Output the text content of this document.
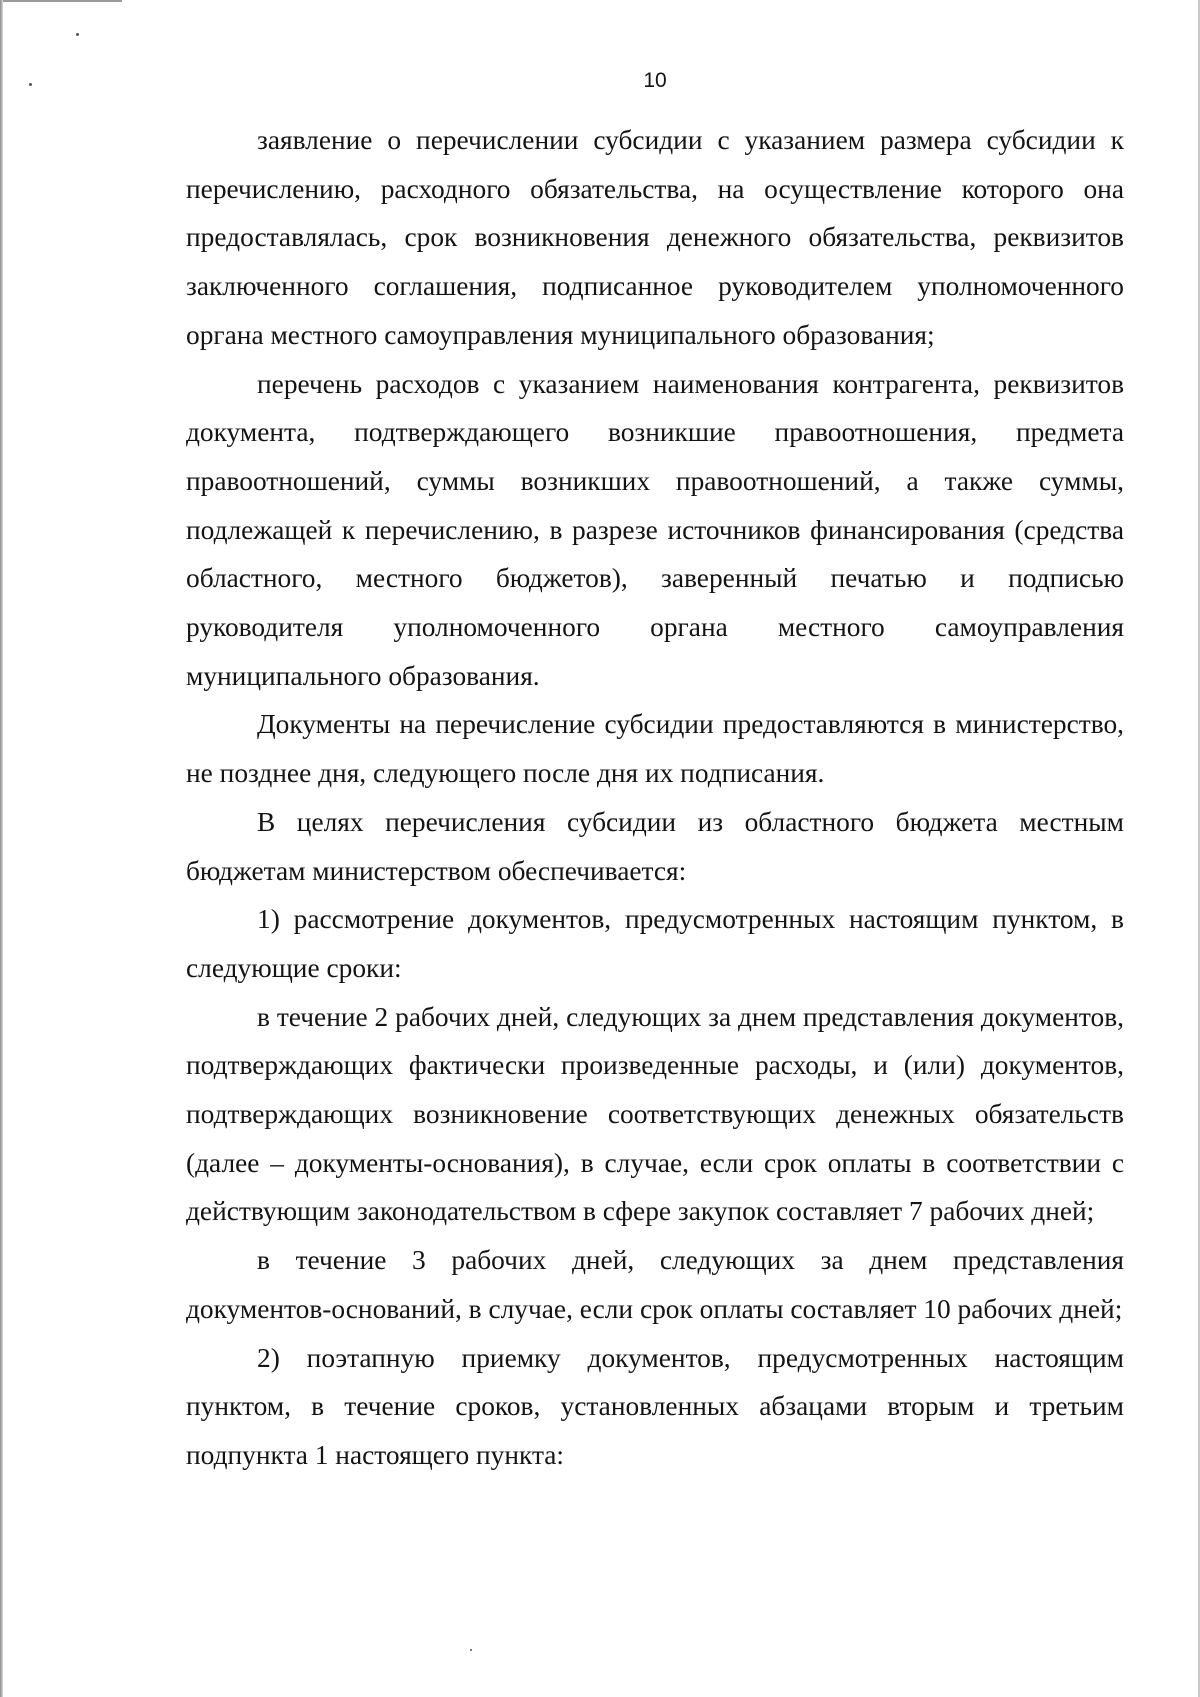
10

заявление о перечислении субсидии с указанием размера субсидии к перечислению, расходного обязательства, на осуществление которого она предоставлялась, срок возникновения денежного обязательства, реквизитов заключенного соглашения, подписанное руководителем уполномоченного органа местного самоуправления муниципального образования;

перечень расходов с указанием наименования контрагента, реквизитов документа, подтверждающего возникшие правоотношения, предмета правоотношений, суммы возникших правоотношений, а также суммы, подлежащей к перечислению, в разрезе источников финансирования (средства областного, местного бюджетов), заверенный печатью и подписью руководителя уполномоченного органа местного самоуправления муниципального образования.

Документы на перечисление субсидии предоставляются в министерство, не позднее дня, следующего после дня их подписания.

В целях перечисления субсидии из областного бюджета местным бюджетам министерством обеспечивается:

1) рассмотрение документов, предусмотренных настоящим пунктом, в следующие сроки:

в течение 2 рабочих дней, следующих за днем представления документов, подтверждающих фактически произведенные расходы, и (или) документов, подтверждающих возникновение соответствующих денежных обязательств (далее – документы-основания), в случае, если срок оплаты в соответствии с действующим законодательством в сфере закупок составляет 7 рабочих дней;

в течение 3 рабочих дней, следующих за днем представления документов-оснований, в случае, если срок оплаты составляет 10 рабочих дней;

2) поэтапную приемку документов, предусмотренных настоящим пунктом, в течение сроков, установленных абзацами вторым и третьим подпункта 1 настоящего пункта:
